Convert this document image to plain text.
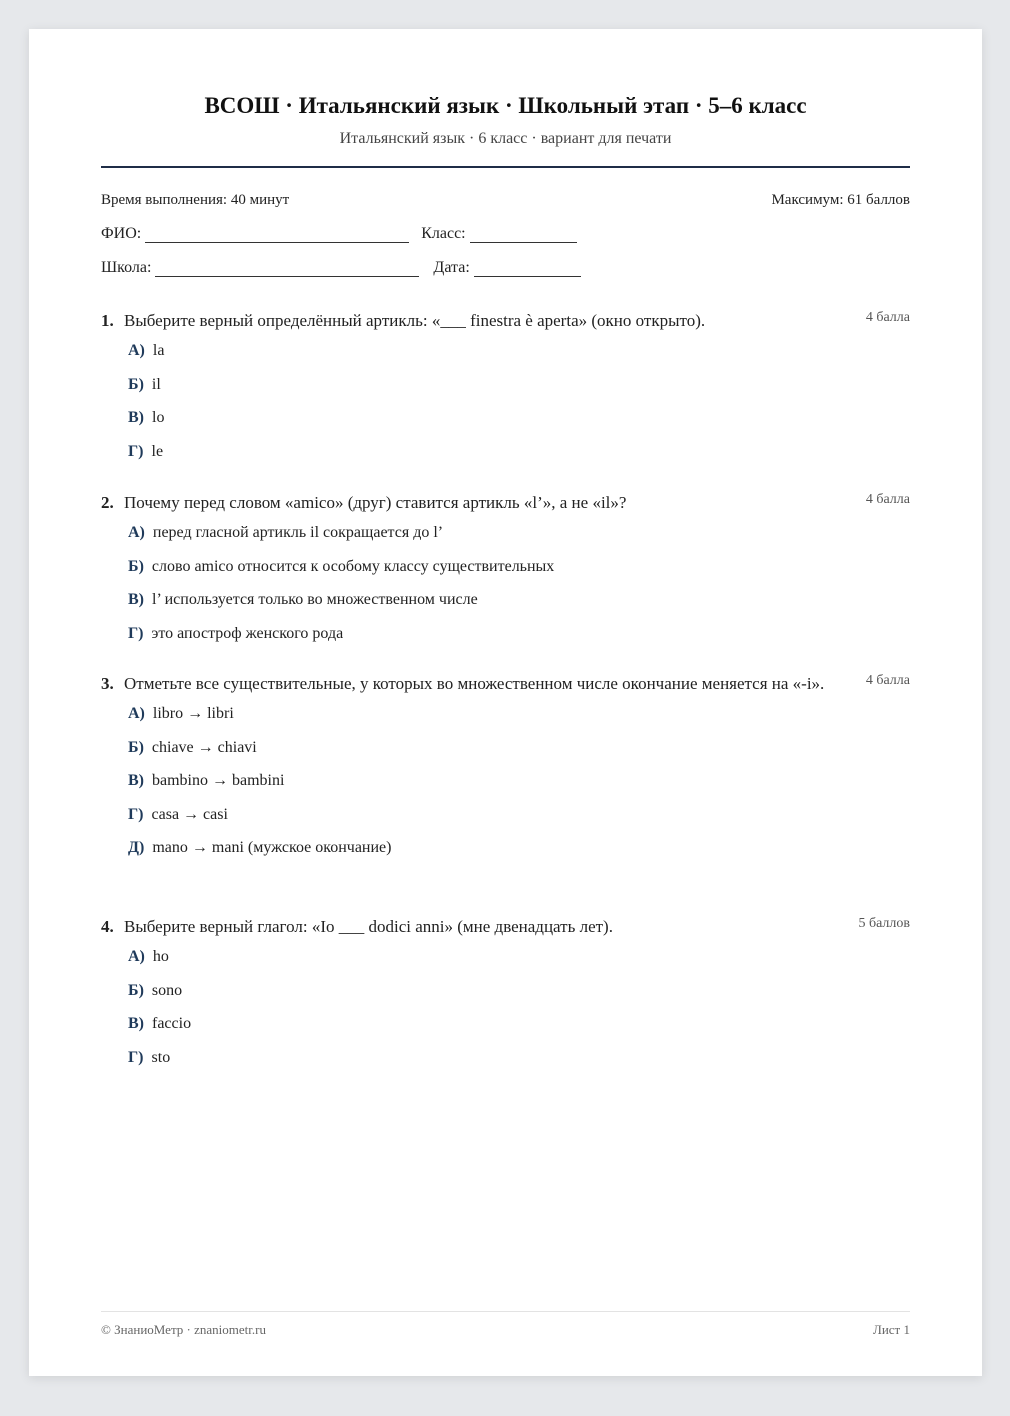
ВСОШ · Итальянский язык · Школьный этап · 5–6 класс
Итальянский язык · 6 класс · вариант для печати
Время выполнения: 40 минут	Максимум: 61 баллов
ФИО:	Класс:
Школа:	Дата:
1. Выберите верный определённый артикль: «___ finestra è aperta» (окно открыто).	4 балла
А) la
Б) il
В) lo
Г) le
2. Почему перед словом «amico» (друг) ставится артикль «l’», а не «il»?	4 балла
А) перед гласной артикль il сокращается до l’
Б) слово amico относится к особому классу существительных
В) l’ используется только во множественном числе
Г) это апостроф женского рода
3. Отметьте все существительные, у которых во множественном числе окончание меняется на «-i».	4 балла
А) libro → libri
Б) chiave → chiavi
В) bambino → bambini
Г) casa → casi
Д) mano → mani (мужское окончание)
4. Выберите верный глагол: «Io ___ dodici anni» (мне двенадцать лет).	5 баллов
А) ho
Б) sono
В) faccio
Г) sto
© ЗнаниоМетр · znaniometr.ru	Лист 1
